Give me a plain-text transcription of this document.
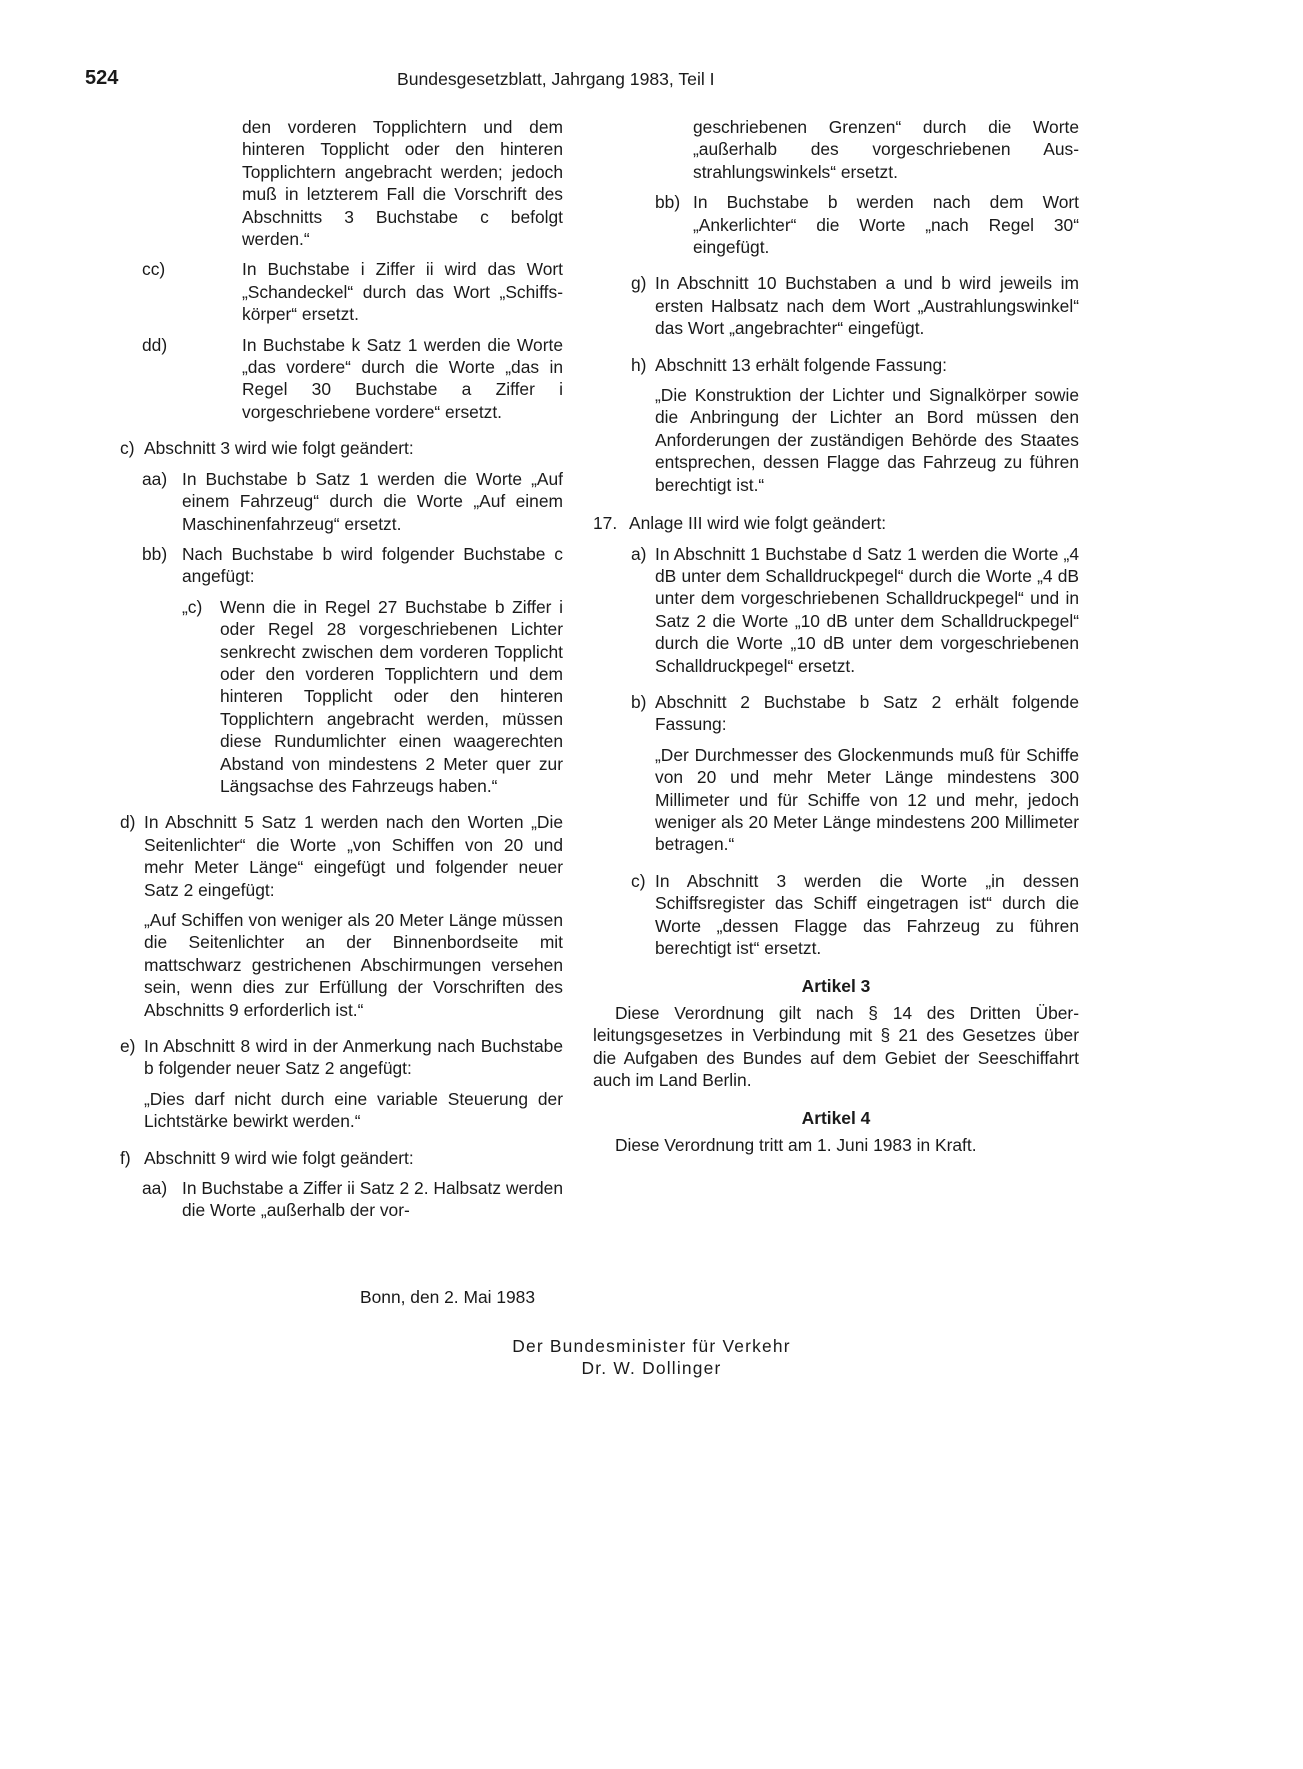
524	Bundesgesetzblatt, Jahrgang 1983, Teil I
den vorderen Topplichtern und dem hinteren Topplicht oder den hinteren Topplichtern angebracht werden; jedoch muß in letzterem Fall die Vorschrift des Abschnitts 3 Buchstabe c befolgt werden.“
cc)	In Buchstabe i Ziffer ii wird das Wort „Schandeckel“ durch das Wort „Schiffskörper“ ersetzt.
dd)	In Buchstabe k Satz 1 werden die Worte „das vordere“ durch die Worte „das in Regel 30 Buchstabe a Ziffer i vorgeschriebene vordere“ ersetzt.
c) Abschnitt 3 wird wie folgt geändert:
aa) In Buchstabe b Satz 1 werden die Worte „Auf einem Fahrzeug“ durch die Worte „Auf einem Maschinenfahrzeug“ ersetzt.
bb) Nach Buchstabe b wird folgender Buchstabe c angefügt:
„c) Wenn die in Regel 27 Buchstabe b Ziffer i oder Regel 28 vorgeschriebenen Lichter senkrecht zwischen dem vorderen Topplicht oder den vorderen Topplichtern und dem hinteren Topplicht oder den hinteren Topplichtern angebracht werden, müssen diese Rundumlichter einen waagerechten Abstand von mindestens 2 Meter quer zur Längsachse des Fahrzeugs haben.“
d) In Abschnitt 5 Satz 1 werden nach den Worten „Die Seitenlichter“ die Worte „von Schiffen von 20 und mehr Meter Länge“ eingefügt und folgender neuer Satz 2 eingefügt:
„Auf Schiffen von weniger als 20 Meter Länge müssen die Seitenlichter an der Binnenbordseite mit mattschwarz gestrichenen Abschirmungen versehen sein, wenn dies zur Erfüllung der Vorschriften des Abschnitts 9 erforderlich ist.“
e) In Abschnitt 8 wird in der Anmerkung nach Buchstabe b folgender neuer Satz 2 angefügt:
„Dies darf nicht durch eine variable Steuerung der Lichtstärke bewirkt werden.“
f) Abschnitt 9 wird wie folgt geändert:
aa) In Buchstabe a Ziffer ii Satz 2 2. Halbsatz werden die Worte „außerhalb der vor-
geschriebenen Grenzen“ durch die Worte „außerhalb des vorgeschriebenen Ausstrahlungswinkels“ ersetzt.
bb) In Buchstabe b werden nach dem Wort „Ankerlichter“ die Worte „nach Regel 30“ eingefügt.
g) In Abschnitt 10 Buchstaben a und b wird jeweils im ersten Halbsatz nach dem Wort „Austrahlungswinkel“ das Wort „angebrachter“ eingefügt.
h) Abschnitt 13 erhält folgende Fassung:
„Die Konstruktion der Lichter und Signalkörper sowie die Anbringung der Lichter an Bord müssen den Anforderungen der zuständigen Behörde des Staates entsprechen, dessen Flagge das Fahrzeug zu führen berechtigt ist.“
17. Anlage III wird wie folgt geändert:
a) In Abschnitt 1 Buchstabe d Satz 1 werden die Worte „4 dB unter dem Schalldruckpegel“ durch die Worte „4 dB unter dem vorgeschriebenen Schalldruckpegel“ und in Satz 2 die Worte „10 dB unter dem Schalldruckpegel“ durch die Worte „10 dB unter dem vorgeschriebenen Schalldruckpegel“ ersetzt.
b) Abschnitt 2 Buchstabe b Satz 2 erhält folgende Fassung:
„Der Durchmesser des Glockenmunds muß für Schiffe von 20 und mehr Meter Länge mindestens 300 Millimeter und für Schiffe von 12 und mehr, jedoch weniger als 20 Meter Länge mindestens 200 Millimeter betragen.“
c) In Abschnitt 3 werden die Worte „in dessen Schiffsregister das Schiff eingetragen ist“ durch die Worte „dessen Flagge das Fahrzeug zu führen berechtigt ist“ ersetzt.
Artikel 3
Diese Verordnung gilt nach § 14 des Dritten Überleitungsgesetzes in Verbindung mit § 21 des Gesetzes über die Aufgaben des Bundes auf dem Gebiet der Seeschiffahrt auch im Land Berlin.
Artikel 4
Diese Verordnung tritt am 1. Juni 1983 in Kraft.
Bonn, den 2. Mai 1983
Der Bundesminister für Verkehr
Dr. W. Dollinger
